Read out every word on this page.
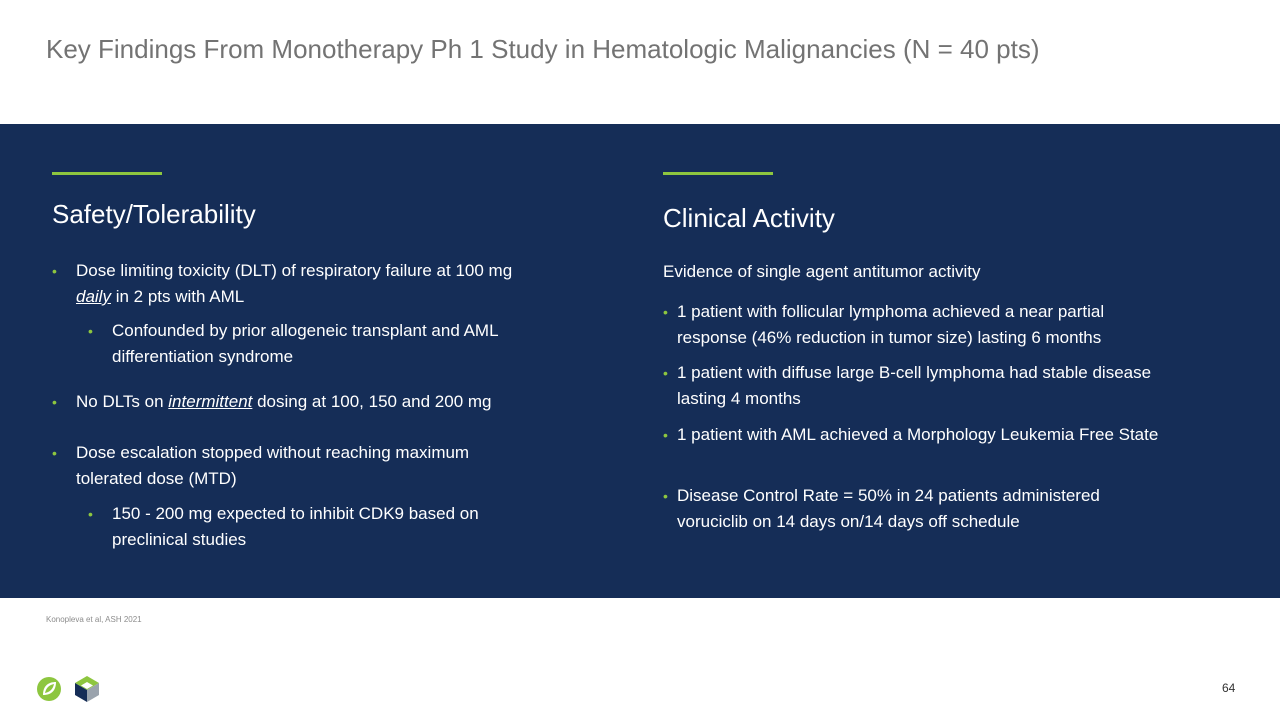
Key Findings From Monotherapy Ph 1 Study in Hematologic Malignancies (N = 40 pts)
Safety/Tolerability
• Dose limiting toxicity (DLT) of respiratory failure at 100 mg daily in 2 pts with AML
• Confounded by prior allogeneic transplant and AML differentiation syndrome
• No DLTs on intermittent dosing at 100, 150 and 200 mg
• Dose escalation stopped without reaching maximum tolerated dose (MTD)
• 150 - 200 mg expected to inhibit CDK9 based on preclinical studies
Clinical Activity
Evidence of single agent antitumor activity
• 1 patient with follicular lymphoma achieved a near partial response (46% reduction in tumor size) lasting 6 months
• 1 patient with diffuse large B-cell lymphoma had stable disease lasting 4 months
• 1 patient with AML achieved a Morphology Leukemia Free State
• Disease Control Rate = 50% in 24 patients administered voruciclib on 14 days on/14 days off schedule
Konopleva et al, ASH 2021
64
